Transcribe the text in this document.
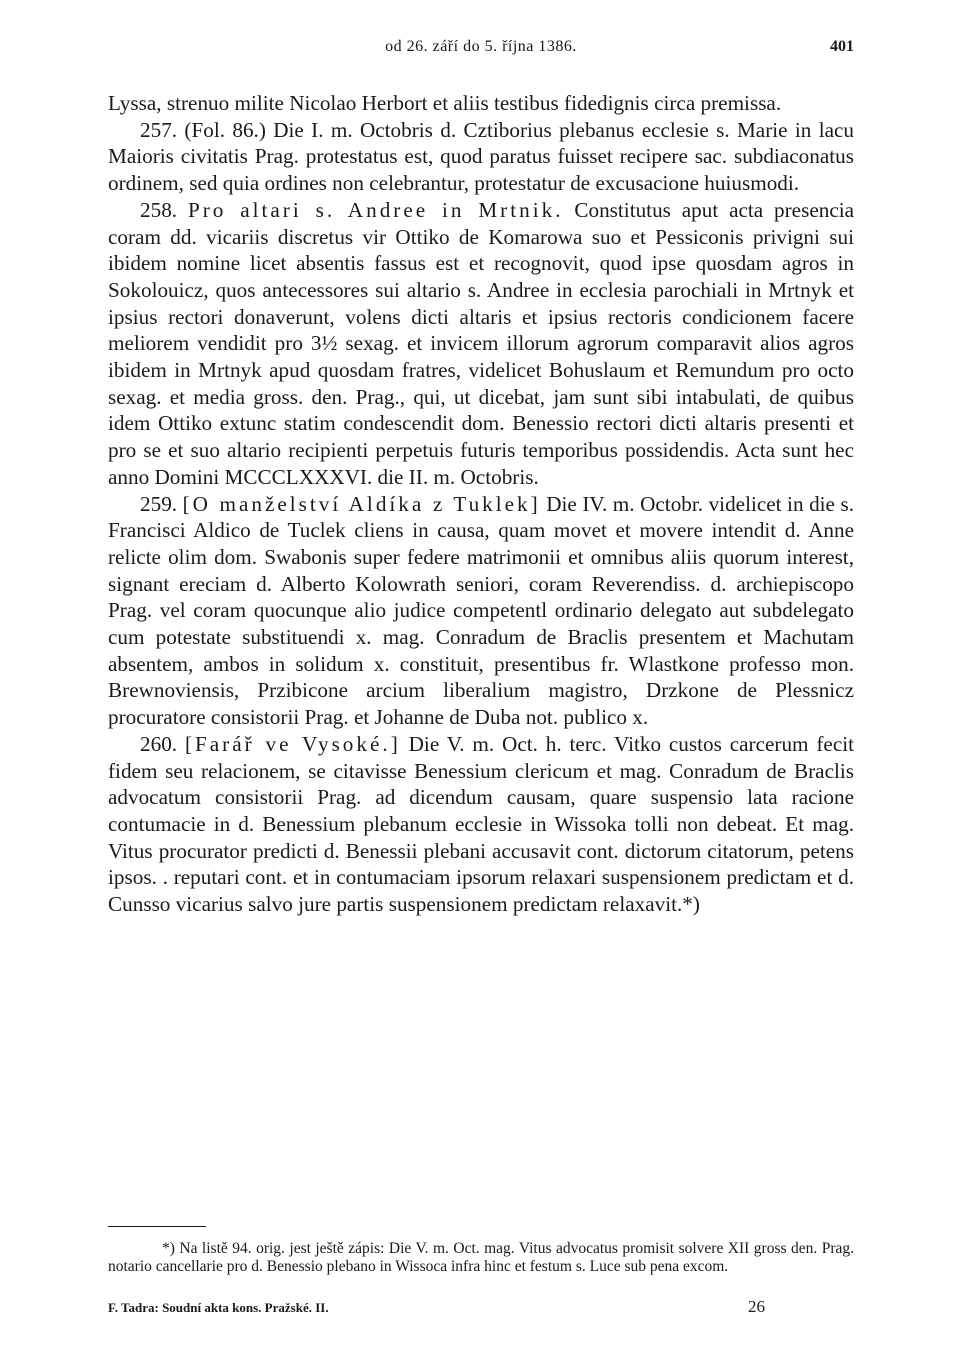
od 26. září do 5. října 1386.	401

Lyssa, strenuo milite Nicolao Herbort et aliis testibus fidedignis circa premissa.

257. (Fol. 86.) Die I. m. Octobris d. Cztiborius plebanus ecclesie s. Marie in lacu Maioris civitatis Prag. protestatus est, quod paratus fuisset recipere sac. subdiaconatus ordinem, sed quia ordines non celebrantur, protestatur de excusacione huiusmodi.

258. Pro altari s. Andree in Mrtnik. Constitutus aput acta presencia coram dd. vicariis discretus vir Ottiko de Komarowa suo et Pessiconis privigni sui ibidem nomine licet absentis fassus est et recognovit, quod ipse quosdam agros in Sokolouicz, quos antecessores sui altario s. Andree in ecclesia parochiali in Mrtnyk et ipsius rectori donaverunt, volens dicti altaris et ipsius rectoris condicionem facere meliorem vendidit pro 3½ sexag. et invicem illorum agrorum comparavit alios agros ibidem in Mrtnyk apud quosdam fratres, videlicet Bohuslaum et Remundum pro octo sexag. et media gross. den. Prag., qui, ut dicebat, jam sunt sibi intabulati, de quibus idem Ottiko extunc statim condescendit dom. Benessio rectori dicti altaris presenti et pro se et suo altario recipienti perpetuis futuris temporibus possidendis. Acta sunt hec anno Domini MCCCLXXXVI. die II. m. Octobris.

259. [O manželství Aldíka z Tuklek] Die IV. m. Octobr. videlicet in die s. Francisci Aldico de Tuclek cliens in causa, quam movet et movere intendit d. Anne relicte olim dom. Swabonis super federe matrimonii et omnibus aliis quorum interest, signant ereciam d. Alberto Kolowrath seniori, coram Reverendiss. d. archiepiscopo Prag. vel coram quocunque alio judice competentl ordinario delegato aut subdelegato cum potestate substituendi x. mag. Conradum de Braclis presentem et Machutam absentem, ambos in solidum x. constituit, presentibus fr. Wlastkone professo mon. Brewnoviensis, Przibicone arcium liberalium magistro, Drzkone de Plessnicz procuratore consistorii Prag. et Johanne de Duba not. publico x.

260. [Farář ve Vysoké.] Die V. m. Oct. h. terc. Vitko custos carcerum fecit fidem seu relacionem, se citavisse Benessium clericum et mag. Conradum de Braclis advocatum consistorii Prag. ad dicendum causam, quare suspensio lata racione contumacie in d. Benessium plebanum ecclesie in Wissoka tolli non debeat. Et mag. Vitus procurator predicti d. Benessii plebani accusavit cont. dictorum citatorum, petens ipsos. . reputari cont. et in contumaciam ipsorum relaxari suspensionem predictam et d. Cunsso vicarius salvo jure partis suspensionem predictam relaxavit.*)

*) Na listě 94. orig. jest ještě zápis: Die V. m. Oct. mag. Vitus advocatus promisit solvere XII gross den. Prag. notario cancellarie pro d. Benessio plebano in Wissoca infra hinc et festum s. Luce sub pena excom.

F. Tadra: Soudní akta kons. Pražské. II.	26
